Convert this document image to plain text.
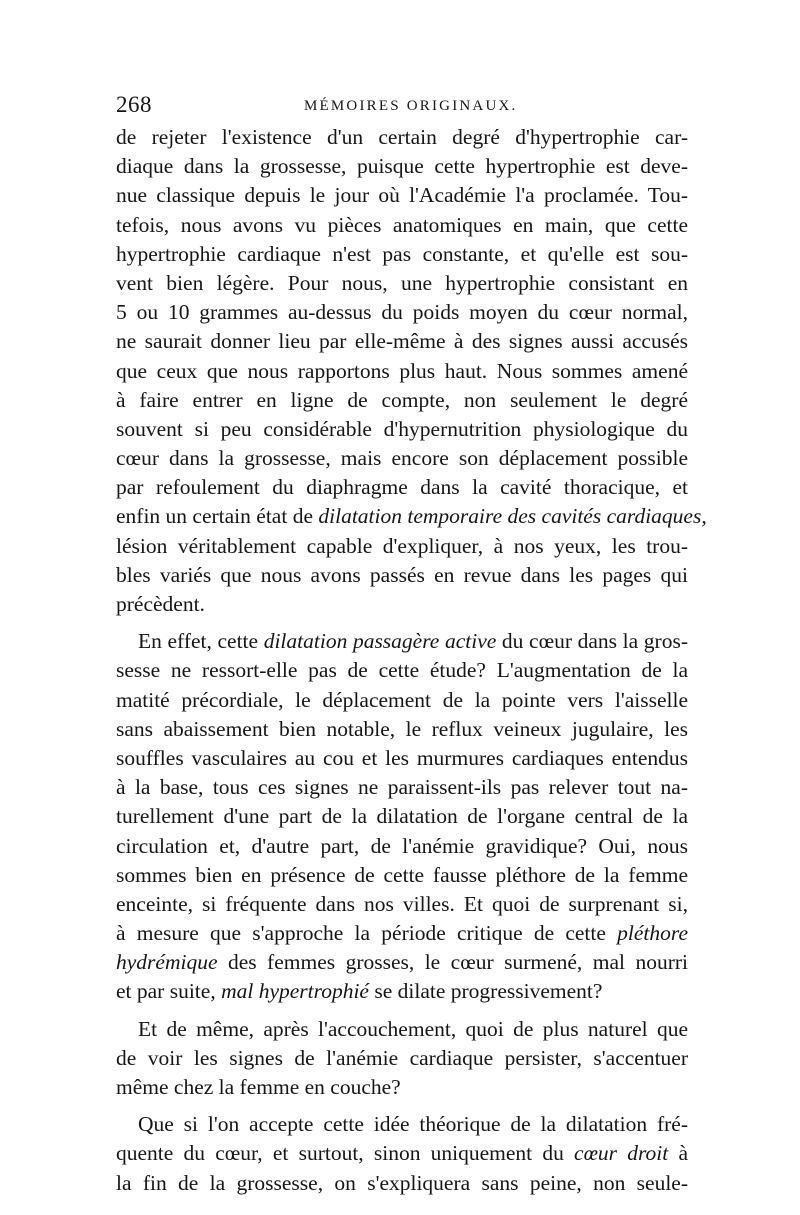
268	MÉMOIRES ORIGINAUX.
de rejeter l'existence d'un certain degré d'hypertrophie car-
diaque dans la grossesse, puisque cette hypertrophie est deve-
nue classique depuis le jour où l'Académie l'a proclamée. Tou-
tefois, nous avons vu pièces anatomiques en main, que cette
hypertrophie cardiaque n'est pas constante, et qu'elle est sou-
vent bien légère. Pour nous, une hypertrophie consistant en
5 ou 10 grammes au-dessus du poids moyen du cœur normal,
ne saurait donner lieu par elle-même à des signes aussi accusés
que ceux que nous rapportons plus haut. Nous sommes amené
à faire entrer en ligne de compte, non seulement le degré
souvent si peu considérable d'hypernutrition physiologique du
cœur dans la grossesse, mais encore son déplacement possible
par refoulement du diaphragme dans la cavité thoracique, et
enfin un certain état de dilatation temporaire des cavités cardiaques,
lésion véritablement capable d'expliquer, à nos yeux, les trou-
bles variés que nous avons passés en revue dans les pages qui
précèdent.
En effet, cette dilatation passagère active du cœur dans la gros-
sesse ne ressort-elle pas de cette étude? L'augmentation de la
matité précordiale, le déplacement de la pointe vers l'aisselle
sans abaissement bien notable, le reflux veineux jugulaire, les
souffles vasculaires au cou et les murmures cardiaques entendus
à la base, tous ces signes ne paraissent-ils pas relever tout na-
turellement d'une part de la dilatation de l'organe central de la
circulation et, d'autre part, de l'anémie gravidique? Oui, nous
sommes bien en présence de cette fausse pléthore de la femme
enceinte, si fréquente dans nos villes. Et quoi de surprenant si,
à mesure que s'approche la période critique de cette pléthore
hydrémique des femmes grosses, le cœur surmené, mal nourri
et par suite, mal hypertrophié se dilate progressivement?
Et de même, après l'accouchement, quoi de plus naturel que
de voir les signes de l'anémie cardiaque persister, s'accentuer
même chez la femme en couche?
Que si l'on accepte cette idée théorique de la dilatation fré-
quente du cœur, et surtout, sinon uniquement du cœur droit à
la fin de la grossesse, on s'expliquera sans peine, non seule-
